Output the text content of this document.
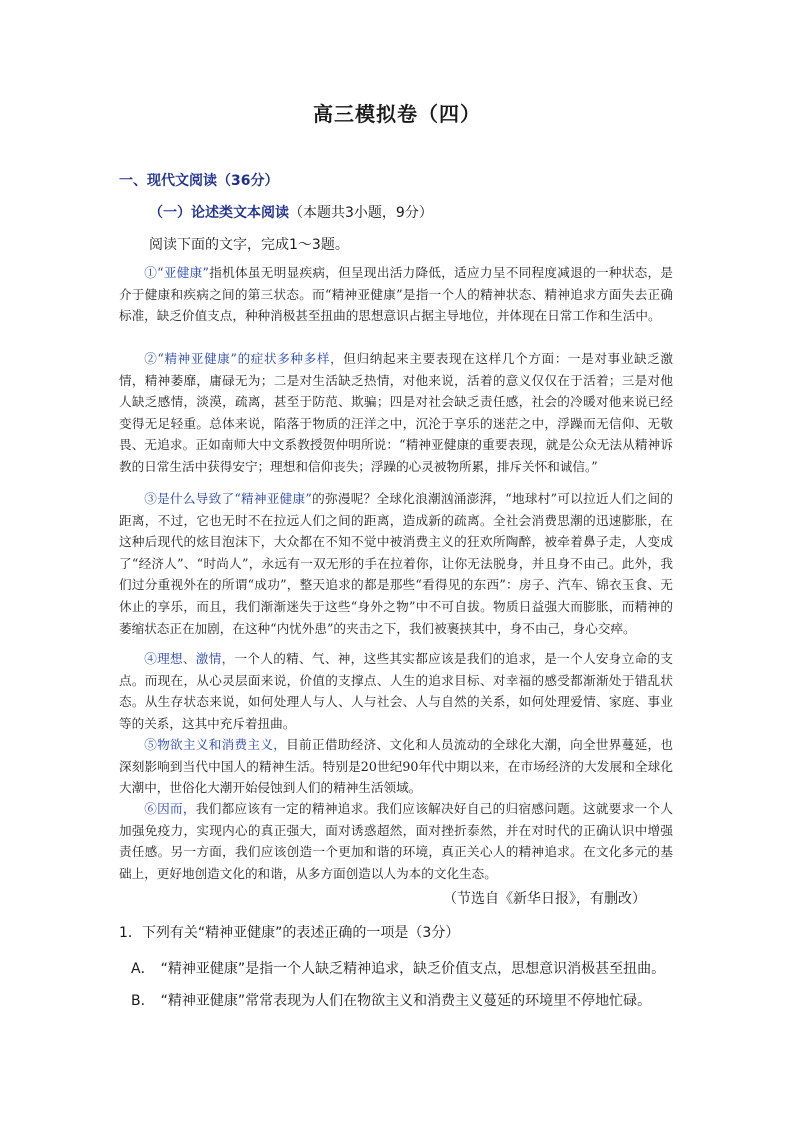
高三模拟卷（四）
一、现代文阅读（36分）
（一）论述类文本阅读（本题共3小题，9分）
阅读下面的文字，完成1～3题。

①“亚健康”指机体虽无明显疾病，但呈现出活力降低，适应力呈不同程度减退的一种状态，是介于健康和疾病之间的第三状态。而“精神亚健康”是指一个人的精神状态、精神追求方面失去正确标准，缺乏价值支点，种种消极甚至扭曲的思想意识占据主导地位，并体现在日常工作和生活中。

②“精神亚健康”的症状多种多样，但归纳起来主要表现在这样几个方面：一是对事业缺乏激情，精神萎靡，庸碌无为；二是对生活缺乏热情，对他来说，活着的意义仅仅在于活着；三是对他人缺乏感情，淡漠，疏离，甚至于防范、欺骗；四是对社会缺乏责任感，社会的冷暖对他来说已经变得无足轻重。总体来说，陷落于物质的汪洋之中，沉沦于享乐的迷茫之中，浮躁而无信仰、无敬畏、无追求。正如南师大中文系教授贺仲明所说：“精神亚健康的重要表现，就是公众无法从精神诉教的日常生活中获得安宁；理想和信仰丧失；浮躁的心灵被物所累，排斥关怀和诚信。”

③是什么导致了“精神亚健康”的弥漫呢？全球化浪潮汹涌澎湃，“地球村”可以拉近人们之间的距离，不过，它也无时不在拉远人们之间的距离，造成新的疏离。全社会消费思潮的迅速膨胀，在这种后现代的炫目泡沫下，大众都在不知不觉中被消费主义的狂欢所陶醉，被牵着鼻子走，人变成了“经济人”、“时尚人”，永远有一双无形的手在拉着你，让你无法脱身，并且身不由己。此外，我们过分重视外在的所谓“成功”，整天追求的都是那些“看得见的东西”：房子、汽车、锦衣玉食、无休止的享乐，而且，我们渐渐迷失于这些“身外之物”中不可自拔。物质日益强大而膨胀，而精神的萎缩状态正在加剧，在这种“内忧外患”的夹击之下，我们被裹挟其中，身不由己，身心交瘁。

④理想、激情，一个人的精、气、神，这些其实都应该是我们的追求，是一个人安身立命的支点。而现在，从心灵层面来说，价值的支撑点、人生的追求目标、对幸福的感受都渐渐处于错乱状态。从生存状态来说，如何处理人与人、人与社会、人与自然的关系，如何处理爱情、家庭、事业等的关系，这其中充斥着扭曲。

⑤物欲主义和消费主义，目前正借助经济、文化和人员流动的全球化大潮，向全世界蔓延，也深刻影响到当代中国人的精神生活。特别是20世纪90年代中期以来，在市场经济的大发展和全球化大潮中，世俗化大潮开始侵蚀到人们的精神生活领域。

⑥因而，我们都应该有一定的精神追求。我们应该解决好自己的归宿感问题。这就要求一个人加强免疫力，实现内心的真正强大，面对诱惑超然，面对挫折泰然，并在对时代的正确认识中增强责任感。另一方面，我们应该创造一个更加和谐的环境，真正关心人的精神追求。在文化多元的基础上，更好地创造文化的和谐，从多方面创造以人为本的文化生态。

（节选自《新华日报》，有删改）
1．下列有关“精神亚健康”的表述正确的一项是（3分）
A． “精神亚健康”是指一个人缺乏精神追求，缺乏价值支点，思想意识消极甚至扭曲。
B． “精神亚健康”常常表现为人们在物欲主义和消费主义蔓延的环境里不停地忙碌。
